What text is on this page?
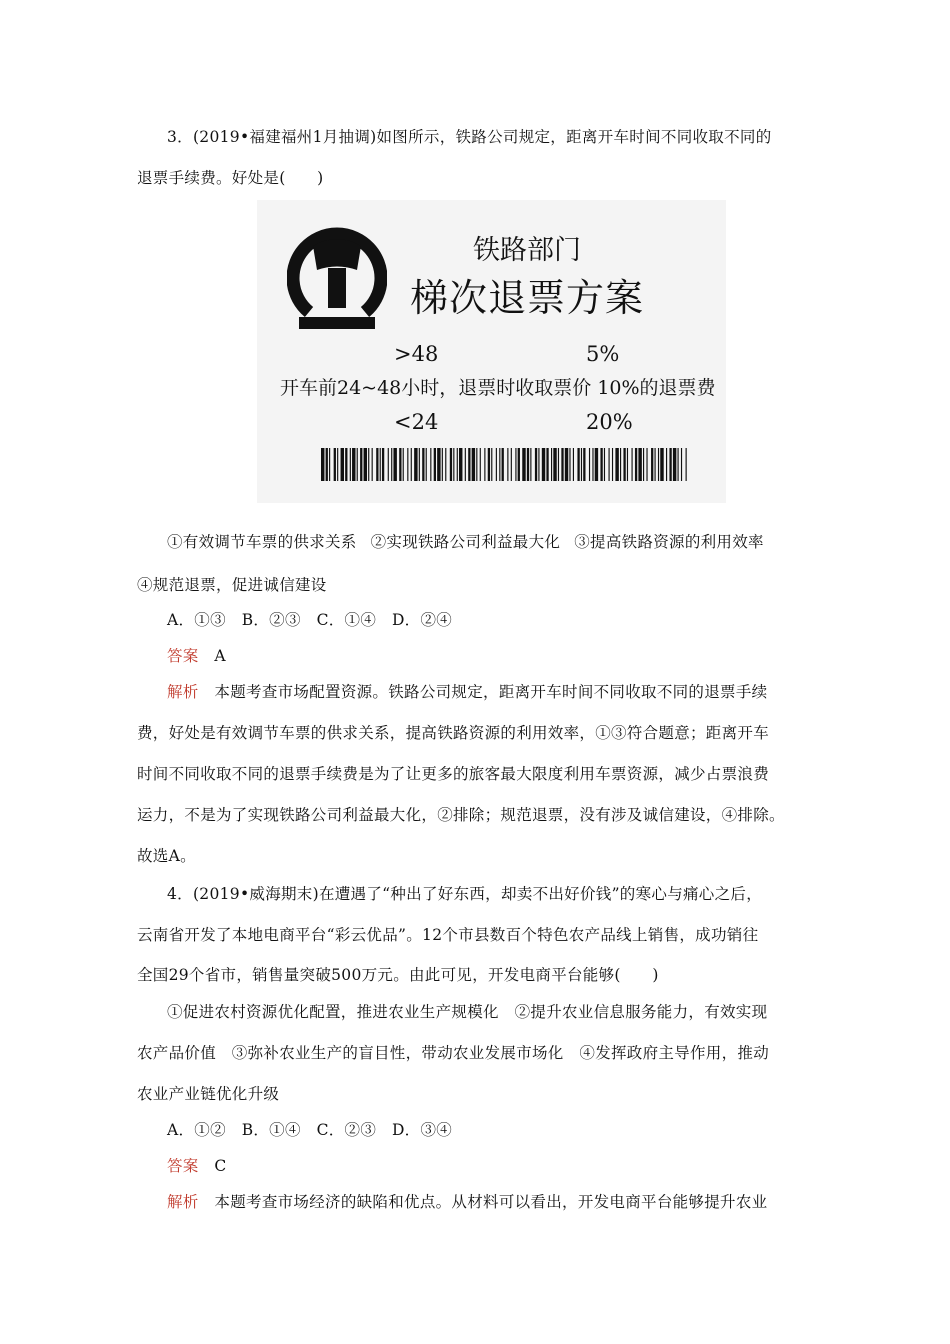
3．(2019•福建福州1月抽调)如图所示，铁路公司规定，距离开车时间不同收取不同的
退票手续费。好处是(　　)
铁路部门
梯次退票方案
>48	5%
开车前24~48小时，退票时收取票价 10%的退票费
<24	20%
①有效调节车票的供求关系 ②实现铁路公司利益最大化 ③提高铁路资源的利用效率
④规范退票，促进诚信建设
A．①③　B．②③　C．①④　D．②④
答案　 A
解析　 本题考查市场配置资源。铁路公司规定，距离开车时间不同收取不同的退票手续
费，好处是有效调节车票的供求关系，提高铁路资源的利用效率，①③符合题意；距离开车
时间不同收取不同的退票手续费是为了让更多的旅客最大限度利用车票资源，减少占票浪费
运力，不是为了实现铁路公司利益最大化，②排除；规范退票，没有涉及诚信建设，④排除。
故选A。
4．(2019•威海期末)在遭遇了“种出了好东西，却卖不出好价钱”的寒心与痛心之后，
云南省开发了本地电商平台“彩云优品”。12个市县数百个特色农产品线上销售，成功销往
全国29个省市，销售量突破500万元。由此可见，开发电商平台能够(　　)
①促进农村资源优化配置，推进农业生产规模化　②提升农业信息服务能力，有效实现
农产品价值　③弥补农业生产的盲目性，带动农业发展市场化　④发挥政府主导作用，推动
农业产业链优化升级
A．①②　B．①④　C．②③　D．③④
答案　 C
解析　 本题考查市场经济的缺陷和优点。从材料可以看出，开发电商平台能够提升农业
